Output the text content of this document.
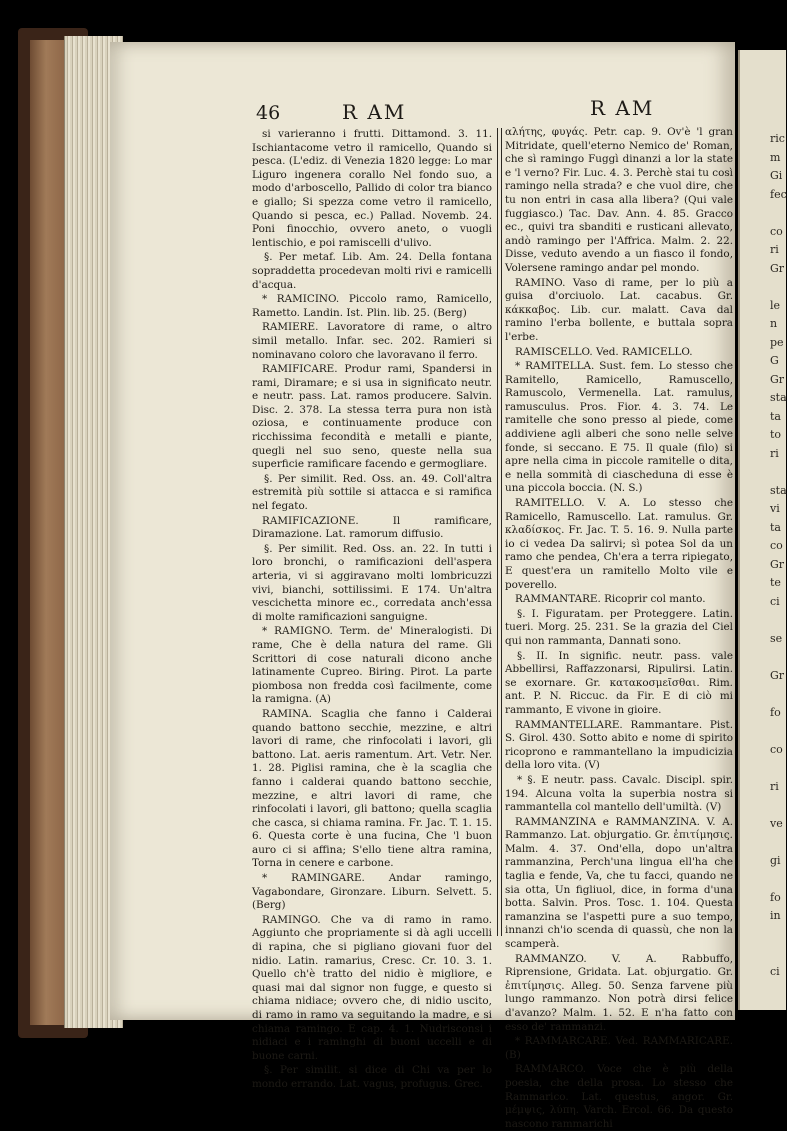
ric
m
Gi
fec
co
ri
Gr
le
n
pe
G
Gr
sta
ta
to
ri
sta
vi
ta
co
Gr
te
ci
se
Gr
fo
co
ri
ve
gi
fo
in
ci
46	R AM	R AM

si varieranno i frutti. Dittamond. 3. 11. Ischiantacome vetro il ramicello, Quando si pesca. (L'ediz. di Venezia 1820 legge: Lo mar Liguro ingenera corallo Nel fondo suo, a modo d'arboscello, Pallido di color tra bianco e giallo; Si spezza come vetro il ramicello, Quando si pesca, ec.) Pallad. Novemb. 24. Poni finocchio, ovvero aneto, o vuogli lentischio, e poi ramiscelli d'ulivo.

§. Per metaf. Lib. Am. 24. Della fontana sopraddetta procedevan molti rivi e ramicelli d'acqua.

* RAMICINO. Piccolo ramo, Ramicello, Rametto. Landin. Ist. Plin. lib. 25. (Berg)

RAMIERE. Lavoratore di rame, o altro simil metallo. Infar. sec. 202. Ramieri si nominavano coloro che lavoravano il ferro.

RAMIFICARE. Produr rami, Spandersi in rami, Diramare; e si usa in significato neutr. e neutr. pass. Lat. ramos producere. Salvin. Disc. 2. 378. La stessa terra pura non istà oziosa, e continuamente produce con ricchissima fecondità e metalli e piante, quegli nel suo seno, queste nella sua superficie ramificare facendo e germogliare.

§. Per similit. Red. Oss. an. 49. Coll'altra estremità più sottile si attacca e si ramifica nel fegato.

RAMIFICAZIONE. Il ramificare, Diramazione. Lat. ramorum diffusio.

§. Per similit. Red. Oss. an. 22. In tutti i loro bronchi, o ramificazioni dell'aspera arteria, vi si aggiravano molti lombricuzzi vivi, bianchi, sottilissimi. E 174. Un'altra vescichetta minore ec., corredata anch'essa di molte ramificazioni sanguigne.

* RAMIGNO. Term. de' Mineralogisti. Di rame, Che è della natura del rame. Gli Scrittori di cose naturali dicono anche latinamente Cupreo. Biring. Pirot. La parte piombosa non fredda così facilmente, come la ramigna. (A)

RAMINA. Scaglia che fanno i Calderai quando battono secchie, mezzine, e altri lavori di rame, che rinfocolati i lavori, gli battono. Lat. aeris ramentum. Art. Vetr. Ner. 1. 28. Piglisi ramina, che è la scaglia che fanno i calderai quando battono secchie, mezzine, e altri lavori di rame, che rinfocolati i lavori, gli battono; quella scaglia che casca, si chiama ramina. Fr. Jac. T. 1. 15. 6. Questa corte è una fucina, Che 'l buon auro ci si affina; S'ello tiene altra ramina, Torna in cenere e carbone.

* RAMINGARE. Andar ramingo, Vagabondare, Gironzare. Liburn. Selvett. 5. (Berg)

RAMINGO. Che va di ramo in ramo. Aggiunto che propriamente si dà agli uccelli di rapina, che si pigliano giovani fuor del nidio. Latin. ramarius, Cresc. Cr. 10. 3. 1. Quello ch'è tratto del nidio è migliore, e quasi mai dal signor non fugge, e questo si chiama nidiace; ovvero che, di nidio uscito, di ramo in ramo va seguitando la madre, e si chiama ramingo. E cap. 4. 1. Nudrisconsi i nidiaci e i raminghi di buoni uccelli e di buone carni.

§. Per similit. si dice di Chi va per lo mondo errando. Lat. vagus, profugus. Grec.

αλήτης, φυγάς. Petr. cap. 9. Ov'è 'l gran Mitridate, quell'eterno Nemico de' Roman, che sì ramingo Fuggì dinanzi a lor la state e 'l verno? Fir. Luc. 4. 3. Perchè stai tu così ramingo nella strada? e che vuol dire, che tu non entri in casa alla libera? (Qui vale fuggiasco.) Tac. Dav. Ann. 4. 85. Gracco ec., quivi tra sbanditi e rusticani allevato, andò ramingo per l'Affrica. Malm. 2. 22. Disse, veduto avendo a un fiasco il fondo, Volersene ramingo andar pel mondo.

RAMINO. Vaso di rame, per lo più a guisa d'orciuolo. Lat. cacabus. Gr. κάκκαβος. Lib. cur. malatt. Cava dal ramino l'erba bollente, e buttala sopra l'erbe.

RAMISCELLO. Ved. RAMICELLO.

* RAMITELLA. Sust. fem. Lo stesso che Ramitello, Ramicello, Ramuscello, Ramuscolo, Vermenella. Lat. ramulus, ramusculus. Pros. Fior. 4. 3. 74. Le ramitelle che sono presso al piede, come addiviene agli alberi che sono nelle selve fonde, si seccano. E 75. Il quale (filo) si apre nella cima in piccole ramitelle o dita, e nella sommità di ciascheduna di esse è una piccola boccia. (N. S.)

RAMITELLO. V. A. Lo stesso che Ramicello, Ramuscello. Lat. ramulus. Gr. κλαδίσκος. Fr. Jac. T. 5. 16. 9. Nulla parte io ci vedea Da salirvi; sì potea Sol da un ramo che pendea, Ch'era a terra ripiegato, E quest'era un ramitello Molto vile e poverello.

RAMMANTARE. Ricoprir col manto.

§. I. Figuratam. per Proteggere. Latin. tueri. Morg. 25. 231. Se la grazia del Ciel qui non rammanta, Dannati sono.

§. II. In signific. neutr. pass. vale Abbellirsi, Raffazzonarsi, Ripulirsi. Latin. se exornare. Gr. κατακοσμεῖσθαι. Rim. ant. P. N. Riccuc. da Fir. E di ciò mi rammanto, E vivone in gioire.

RAMMANTELLARE. Rammantare. Pist. S. Girol. 430. Sotto abito e nome di spirito ricoprono e rammantellano la impudicizia della loro vita. (V)

* §. E neutr. pass. Cavalc. Discipl. spir. 194. Alcuna volta la superbia nostra si rammantella col mantello dell'umiltà. (V)

RAMMANZINA e RAMMANZINA. V. A. Rammanzo. Lat. objurgatio. Gr. ἐπιτίμησις. Malm. 4. 37. Ond'ella, dopo un'altra rammanzina, Perch'una lingua ell'ha che taglia e fende, Va, che tu facci, quando ne sia otta, Un figliuol, dice, in forma d'una botta. Salvin. Pros. Tosc. 1. 104. Questa ramanzina se l'aspetti pure a suo tempo, innanzi ch'io scenda di quassù, che non la scamperà.

RAMMANZO. V. A. Rabbuffo, Riprensione, Gridata. Lat. objurgatio. Gr. ἐπιτίμησις. Alleg. 50. Senza farvene più lungo rammanzo. Non potrà dirsi felice d'avanzo? Malm. 1. 52. E n'ha fatto con esso de' rammanzi.

* RAMMARCARE. Ved. RAMMARICARE. (B)

RAMMARCO. Voce che è più della poesia, che della prosa. Lo stesso che Rammarico. Lat. questus, angor. Gr. μέμψις, λύπη. Varch. Ercol. 66. Da questo nascono rammarichi
